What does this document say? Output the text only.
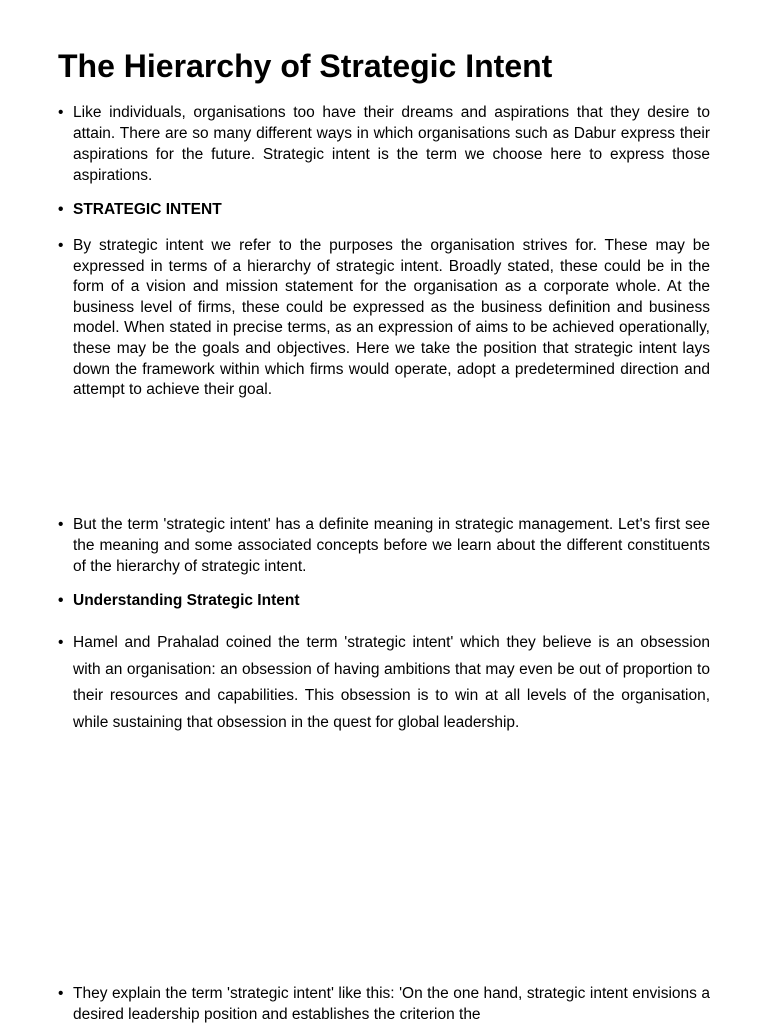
The Hierarchy of Strategic Intent
• Like individuals, organisations too have their dreams and aspirations that they desire to attain. There are so many different ways in which organisations such as Dabur express their aspirations for the future. Strategic intent is the term we choose here to express those aspirations.
• STRATEGIC INTENT
• By strategic intent we refer to the purposes the organisation strives for. These may be expressed in terms of a hierarchy of strategic intent. Broadly stated, these could be in the form of a vision and mission statement for the organisation as a corporate whole. At the business level of firms, these could be expressed as the business definition and business model. When stated in precise terms, as an expression of aims to be achieved operationally, these may be the goals and objectives. Here we take the position that strategic intent lays down the framework within which firms would operate, adopt a predetermined direction and attempt to achieve their goal.
• But the term 'strategic intent' has a definite meaning in strategic management. Let's first see the meaning and some associated concepts before we learn about the different constituents of the hierarchy of strategic intent.
• Understanding Strategic Intent
• Hamel and Prahalad coined the term 'strategic intent' which they believe is an obsession with an organisation: an obsession of having ambitions that may even be out of proportion to their resources and capabilities. This obsession is to win at all levels of the organisation, while sustaining that obsession in the quest for global leadership.
• They explain the term 'strategic intent' like this: 'On the one hand, strategic intent envisions a desired leadership position and establishes the criterion the
